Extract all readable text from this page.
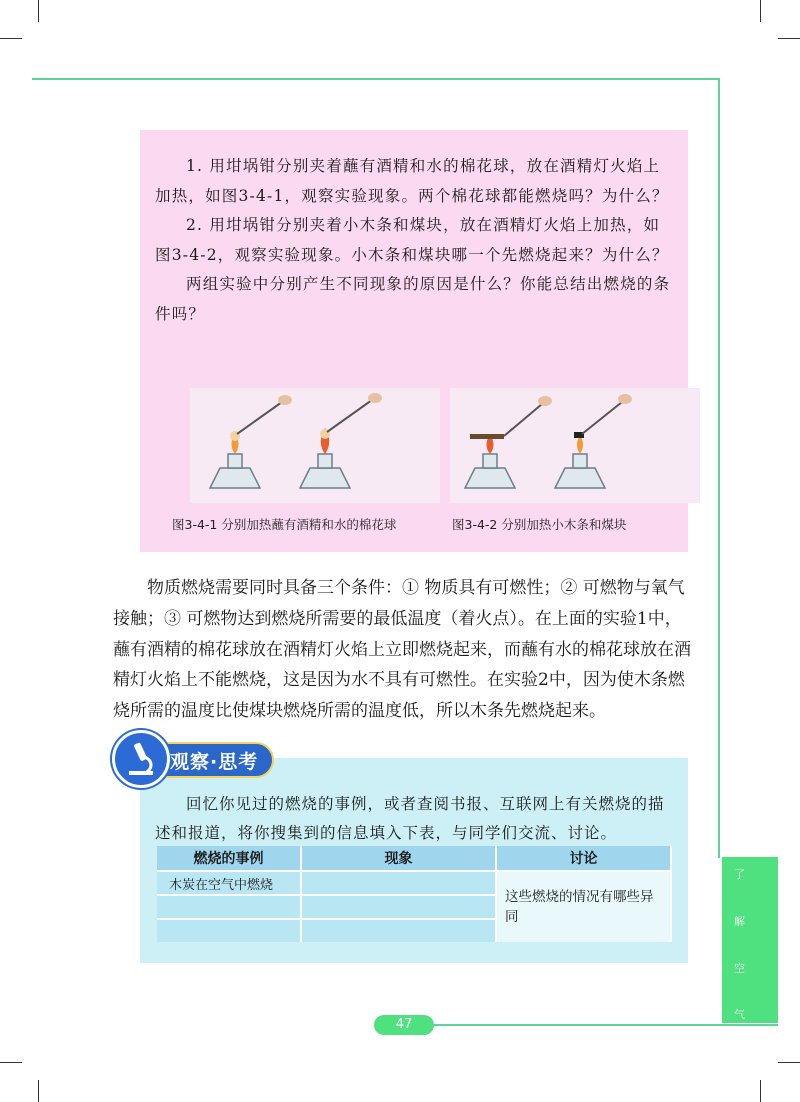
1. 用坩埚钳分别夹着蘸有酒精和水的棉花球，放在酒精灯火焰上加热，如图3-4-1，观察实验现象。两个棉花球都能燃烧吗？为什么？

2. 用坩埚钳分别夹着小木条和煤块，放在酒精灯火焰上加热，如图3-4-2，观察实验现象。小木条和煤块哪一个先燃烧起来？为什么？

两组实验中分别产生不同现象的原因是什么？你能总结出燃烧的条件吗？

图3-4-1 分别加热蘸有酒精和水的棉花球	图3-4-2 分别加热小木条和煤块

物质燃烧需要同时具备三个条件：① 物质具有可燃性；② 可燃物与氧气接触；③ 可燃物达到燃烧所需要的最低温度（着火点）。在上面的实验1中，蘸有酒精的棉花球放在酒精灯火焰上立即燃烧起来，而蘸有水的棉花球放在酒精灯火焰上不能燃烧，这是因为水不具有可燃性。在实验2中，因为使木条燃烧所需的温度比使煤块燃烧所需的温度低，所以木条先燃烧起来。

观察·思考

回忆你见过的燃烧的事例，或者查阅书报、互联网上有关燃烧的描述和报道，将你搜集到的信息填入下表，与同学们交流、讨论。

燃烧的事例	现象	讨论
木炭在空气中燃烧		这些燃烧的情况有哪些异同

了
解
空
气
47
